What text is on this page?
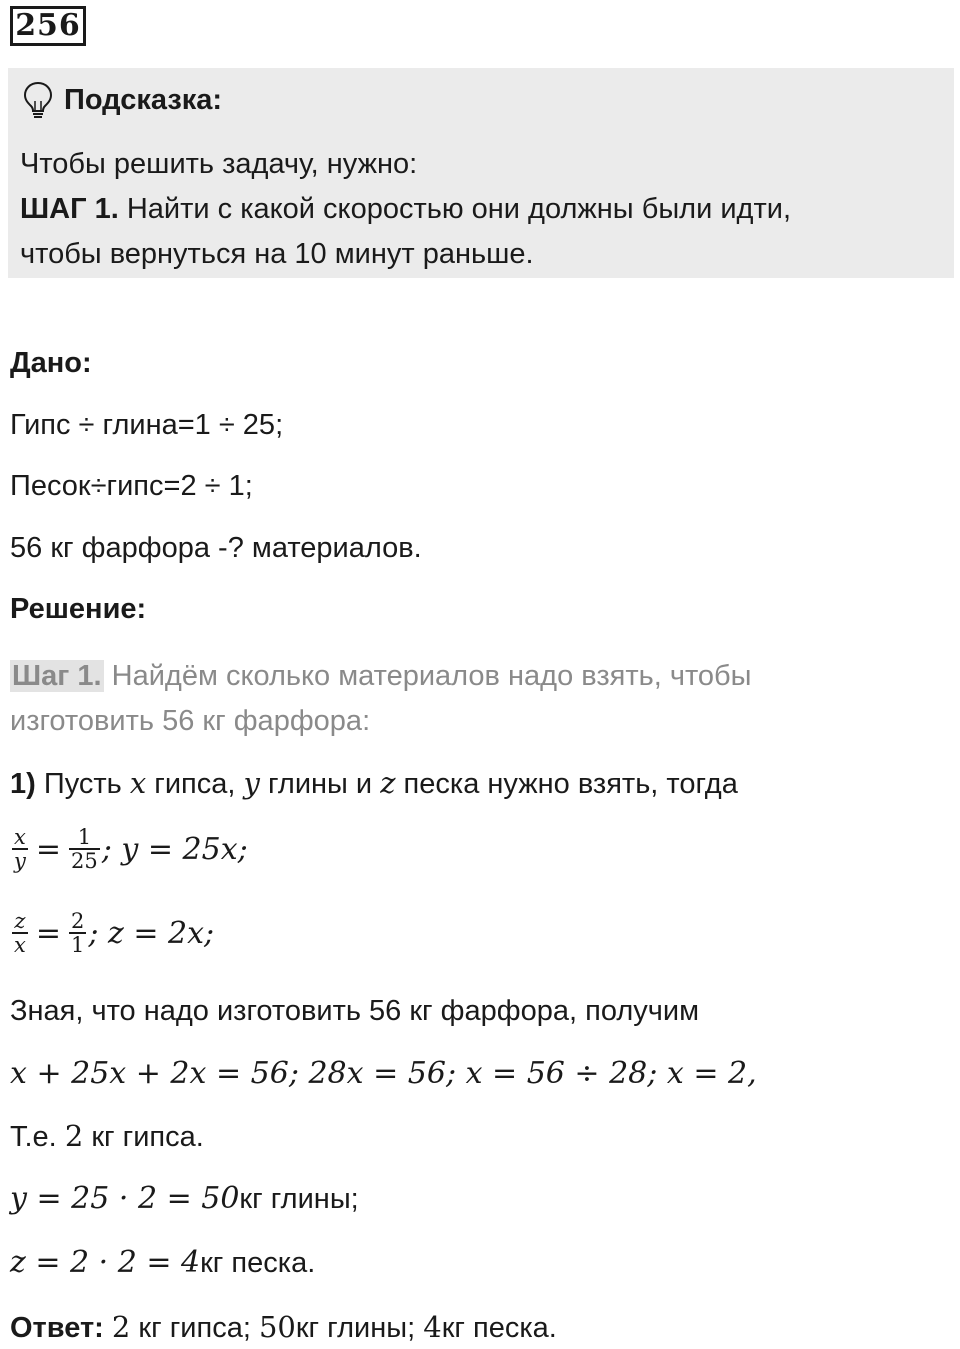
256
Подсказка:
Чтобы решить задачу, нужно:
ШАГ 1. Найти с какой скоростью они должны были идти,
чтобы вернуться на 10 минут раньше.
Дано:
Гипс ÷ глина=1 ÷ 25;
Песок÷гипс=2 ÷ 1;
56 кг фарфора -? материалов.
Решение:
Шаг 1. Найдём сколько материалов надо взять, чтобы
изготовить 56 кг фарфора:
1) Пусть x гипса, y глины и z песка нужно взять, тогда
$\frac{x}{y} = \frac{1}{25}$ ; y = 25x;
$\frac{z}{x} = \frac{2}{1}$ ; z = 2x;
Зная, что надо изготовить 56 кг фарфора, получим
x + 25x + 2x = 56; 28x = 56; x = 56 ÷ 28; x = 2,
Т.е. 2 кг гипса.
y = 25 · 2 = 50кг глины;
z = 2 · 2 = 4кг песка.
Ответ: 2 кг гипса; 50кг глины; 4кг песка.
